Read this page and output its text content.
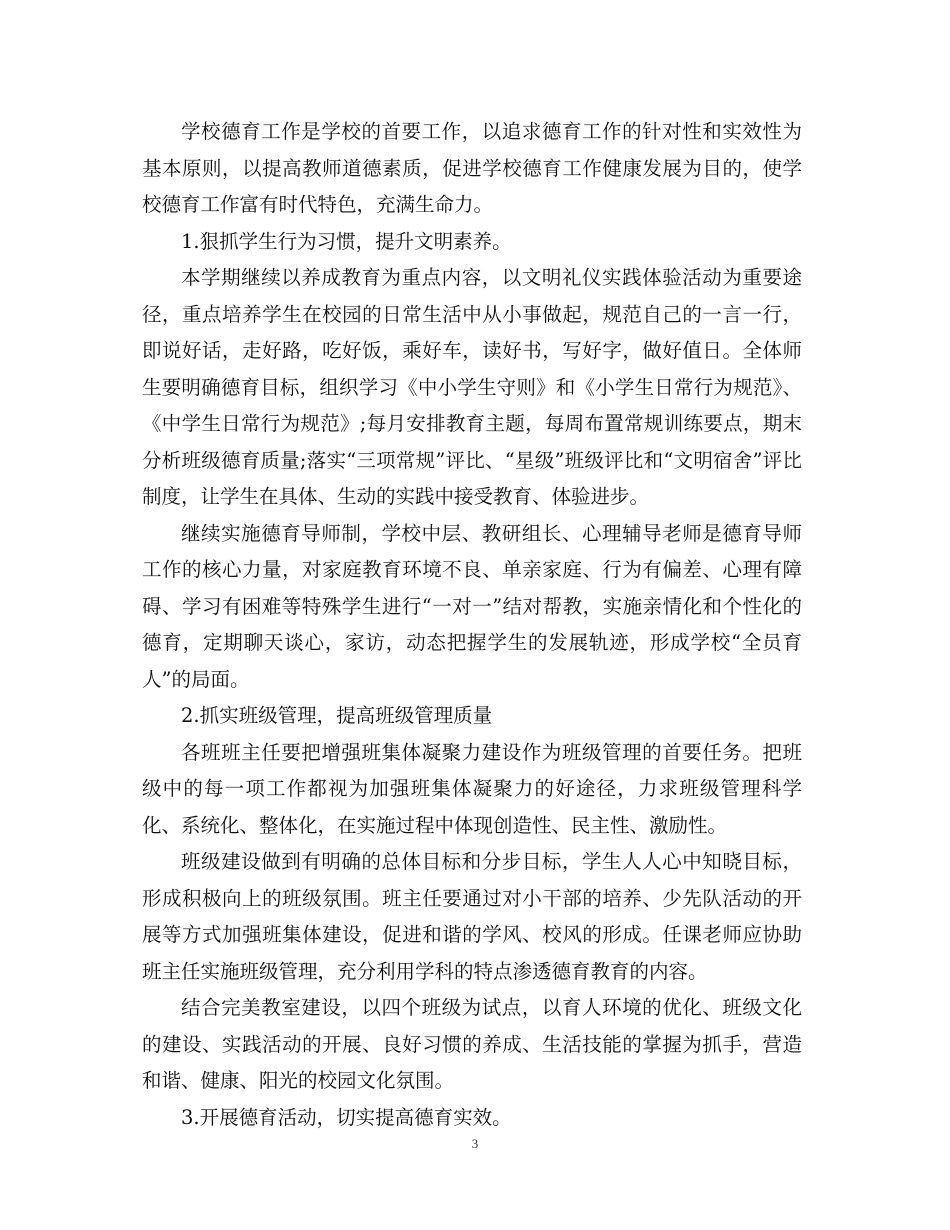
学校德育工作是学校的首要工作，以追求德育工作的针对性和实效性为基本原则，以提高教师道德素质，促进学校德育工作健康发展为目的，使学校德育工作富有时代特色，充满生命力。

1.狠抓学生行为习惯，提升文明素养。

本学期继续以养成教育为重点内容，以文明礼仪实践体验活动为重要途径，重点培养学生在校园的日常生活中从小事做起，规范自己的一言一行，即说好话，走好路，吃好饭，乘好车，读好书，写好字，做好值日。全体师生要明确德育目标，组织学习《中小学生守则》和《小学生日常行为规范》、《中学生日常行为规范》;每月安排教育主题，每周布置常规训练要点，期末分析班级德育质量;落实“三项常规”评比、“星级”班级评比和“文明宿舍”评比制度，让学生在具体、生动的实践中接受教育、体验进步。

继续实施德育导师制，学校中层、教研组长、心理辅导老师是德育导师工作的核心力量，对家庭教育环境不良、单亲家庭、行为有偏差、心理有障碍、学习有困难等特殊学生进行“一对一”结对帮教，实施亲情化和个性化的德育，定期聊天谈心，家访，动态把握学生的发展轨迹，形成学校“全员育人”的局面。

2.抓实班级管理，提高班级管理质量

各班班主任要把增强班集体凝聚力建设作为班级管理的首要任务。把班级中的每一项工作都视为加强班集体凝聚力的好途径，力求班级管理科学化、系统化、整体化，在实施过程中体现创造性、民主性、激励性。

班级建设做到有明确的总体目标和分步目标，学生人人心中知晓目标，形成积极向上的班级氛围。班主任要通过对小干部的培养、少先队活动的开展等方式加强班集体建设，促进和谐的学风、校风的形成。任课老师应协助班主任实施班级管理，充分利用学科的特点渗透德育教育的内容。

结合完美教室建设，以四个班级为试点，以育人环境的优化、班级文化的建设、实践活动的开展、良好习惯的养成、生活技能的掌握为抓手，营造和谐、健康、阳光的校园文化氛围。

3.开展德育活动，切实提高德育实效。

3
